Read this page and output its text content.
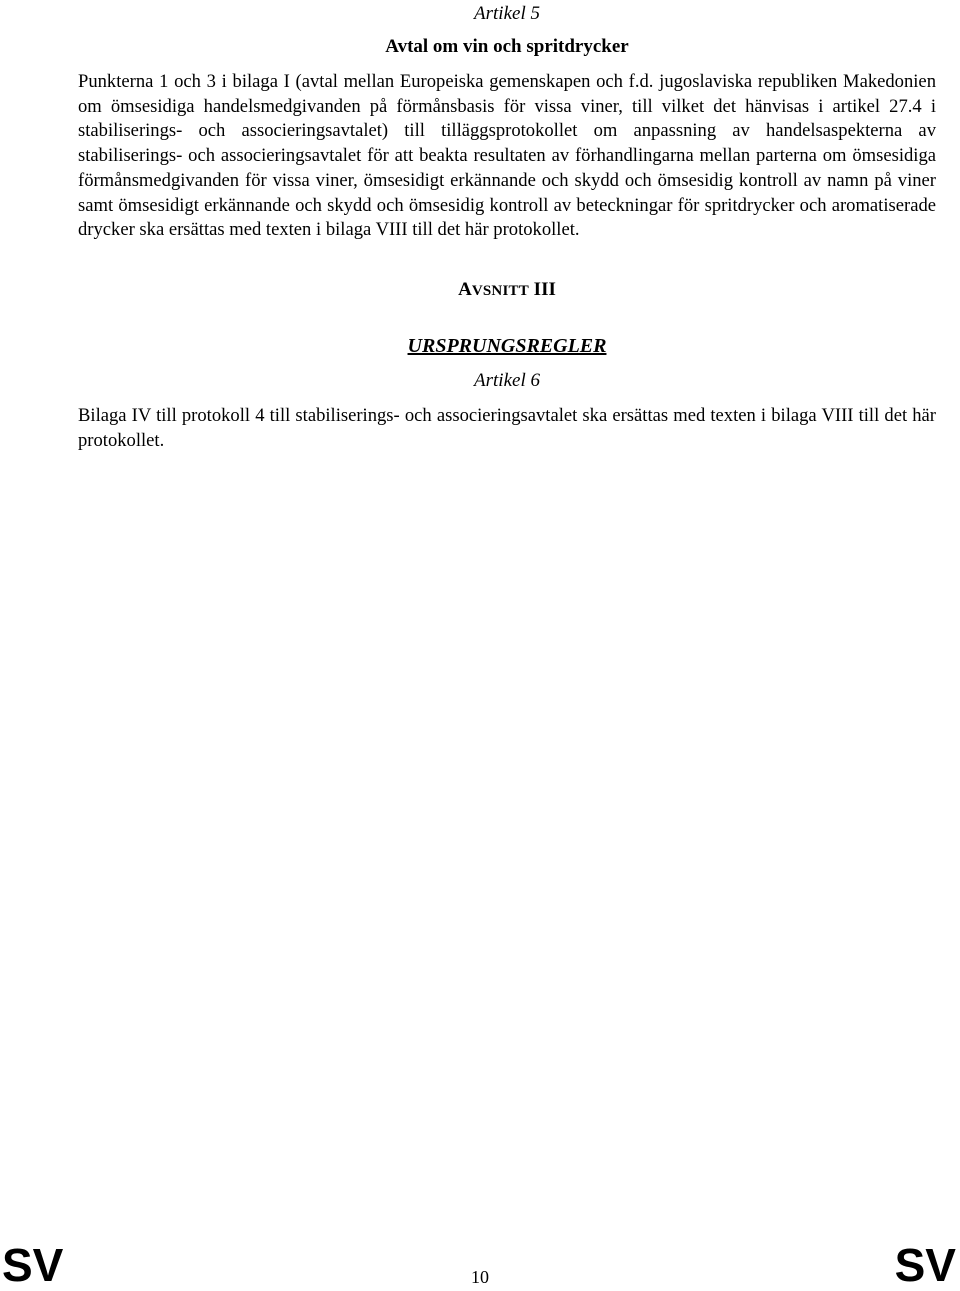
Artikel 5
Avtal om vin och spritdrycker
Punkterna 1 och 3 i bilaga I (avtal mellan Europeiska gemenskapen och f.d. jugoslaviska republiken Makedonien om ömsesidiga handelsmedgivanden på förmånsbasis för vissa viner, till vilket det hänvisas i artikel 27.4 i stabiliserings- och associeringsavtalet) till tilläggsprotokollet om anpassning av handelsaspekterna av stabiliserings- och associeringsavtalet för att beakta resultaten av förhandlingarna mellan parterna om ömsesidiga förmånsmedgivanden för vissa viner, ömsesidigt erkännande och skydd och ömsesidig kontroll av namn på viner samt ömsesidigt erkännande och skydd och ömsesidig kontroll av beteckningar för spritdrycker och aromatiserade drycker ska ersättas med texten i bilaga VIII till det här protokollet.
AVSNITT III
URSPRUNGSREGLER
Artikel 6
Bilaga IV till protokoll 4 till stabiliserings- och associeringsavtalet ska ersättas med texten i bilaga VIII till det här protokollet.
SV	SV
10
